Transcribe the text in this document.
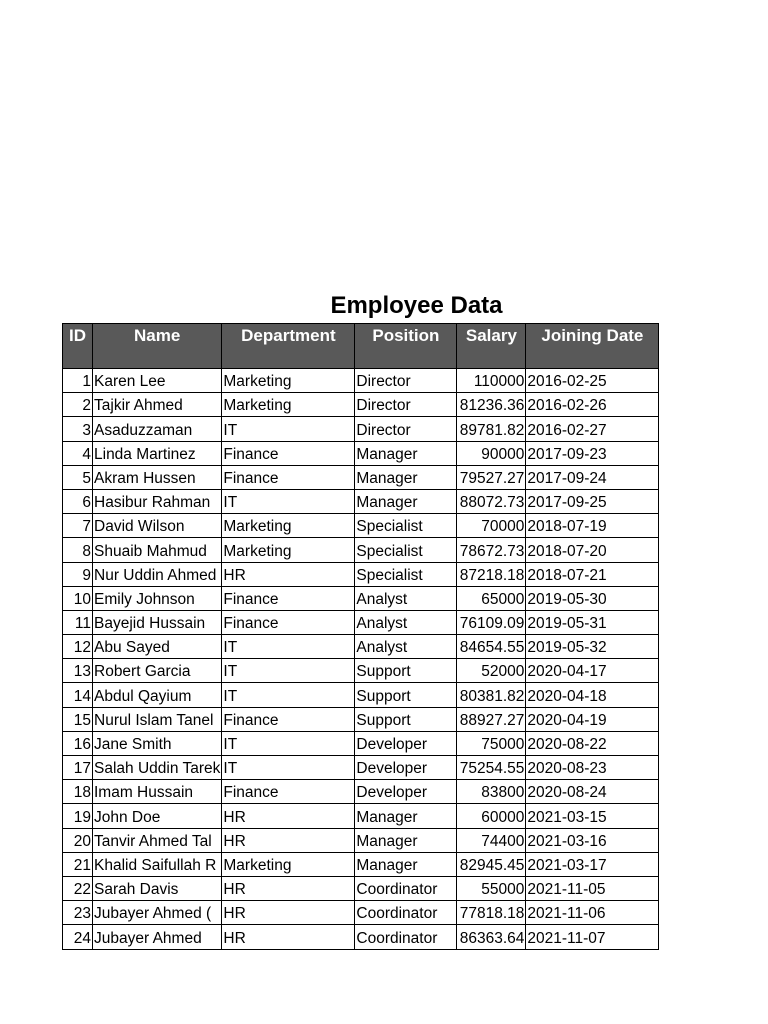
Employee Data
ID	Name	Department	Position	Salary	Joining Date
1	Karen Lee	Marketing	Director	110000	2016-02-25
2	Tajkir Ahmed	Marketing	Director	81236.36	2016-02-26
3	Asaduzzaman	IT	Director	89781.82	2016-02-27
4	Linda Martinez	Finance	Manager	90000	2017-09-23
5	Akram Hussen	Finance	Manager	79527.27	2017-09-24
6	Hasibur Rahman	IT	Manager	88072.73	2017-09-25
7	David Wilson	Marketing	Specialist	70000	2018-07-19
8	Shuaib Mahmud	Marketing	Specialist	78672.73	2018-07-20
9	Nur Uddin Ahmed	HR	Specialist	87218.18	2018-07-21
10	Emily Johnson	Finance	Analyst	65000	2019-05-30
11	Bayejid Hussain	Finance	Analyst	76109.09	2019-05-31
12	Abu Sayed	IT	Analyst	84654.55	2019-05-32
13	Robert Garcia	IT	Support	52000	2020-04-17
14	Abdul Qayium	IT	Support	80381.82	2020-04-18
15	Nurul Islam Tanel	Finance	Support	88927.27	2020-04-19
16	Jane Smith	IT	Developer	75000	2020-08-22
17	Salah Uddin Tarek	IT	Developer	75254.55	2020-08-23
18	Imam Hussain	Finance	Developer	83800	2020-08-24
19	John Doe	HR	Manager	60000	2021-03-15
20	Tanvir Ahmed Tal	HR	Manager	74400	2021-03-16
21	Khalid Saifullah R	Marketing	Manager	82945.45	2021-03-17
22	Sarah Davis	HR	Coordinator	55000	2021-11-05
23	Jubayer Ahmed (	HR	Coordinator	77818.18	2021-11-06
24	Jubayer Ahmed	HR	Coordinator	86363.64	2021-11-07
